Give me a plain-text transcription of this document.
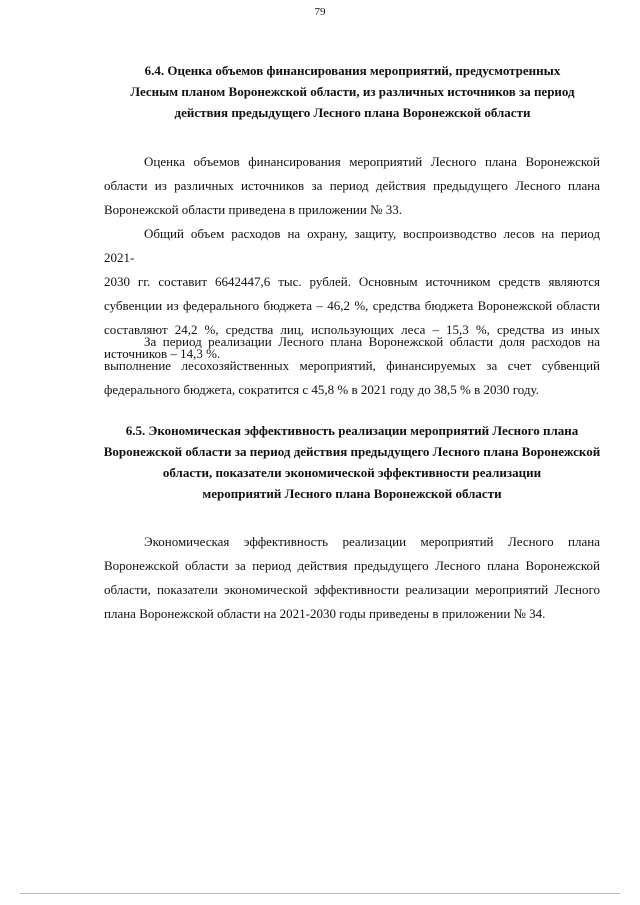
79
6.4. Оценка объемов финансирования мероприятий, предусмотренных
Лесным планом Воронежской области, из различных источников за период
действия предыдущего Лесного плана Воронежской области
Оценка объемов финансирования мероприятий Лесного плана Воронежской
области из различных источников за период действия предыдущего Лесного плана
Воронежской области приведена в приложении № 33.
Общий объем расходов на охрану, защиту, воспроизводство лесов на период 2021-
2030 гг. составит 6642447,6 тыс. рублей. Основным источником средств являются
субвенции из федерального бюджета – 46,2 %, средства бюджета Воронежской области
составляют 24,2 %, средства лиц, использующих леса – 15,3 %, средства из иных
источников – 14,3 %.
За период реализации Лесного плана Воронежской области доля расходов на
выполнение лесохозяйственных мероприятий, финансируемых за счет субвенций
федерального бюджета, сократится с 45,8 % в 2021 году до 38,5 % в 2030 году.
6.5. Экономическая эффективность реализации мероприятий Лесного плана
Воронежской области за период действия предыдущего Лесного плана Воронежской
области, показатели экономической эффективности реализации
мероприятий Лесного плана Воронежской области
Экономическая эффективность реализации мероприятий Лесного плана
Воронежской области за период действия предыдущего Лесного плана Воронежской
области, показатели экономической эффективности реализации мероприятий Лесного
плана Воронежской области на 2021-2030 годы приведены в приложении № 34.
